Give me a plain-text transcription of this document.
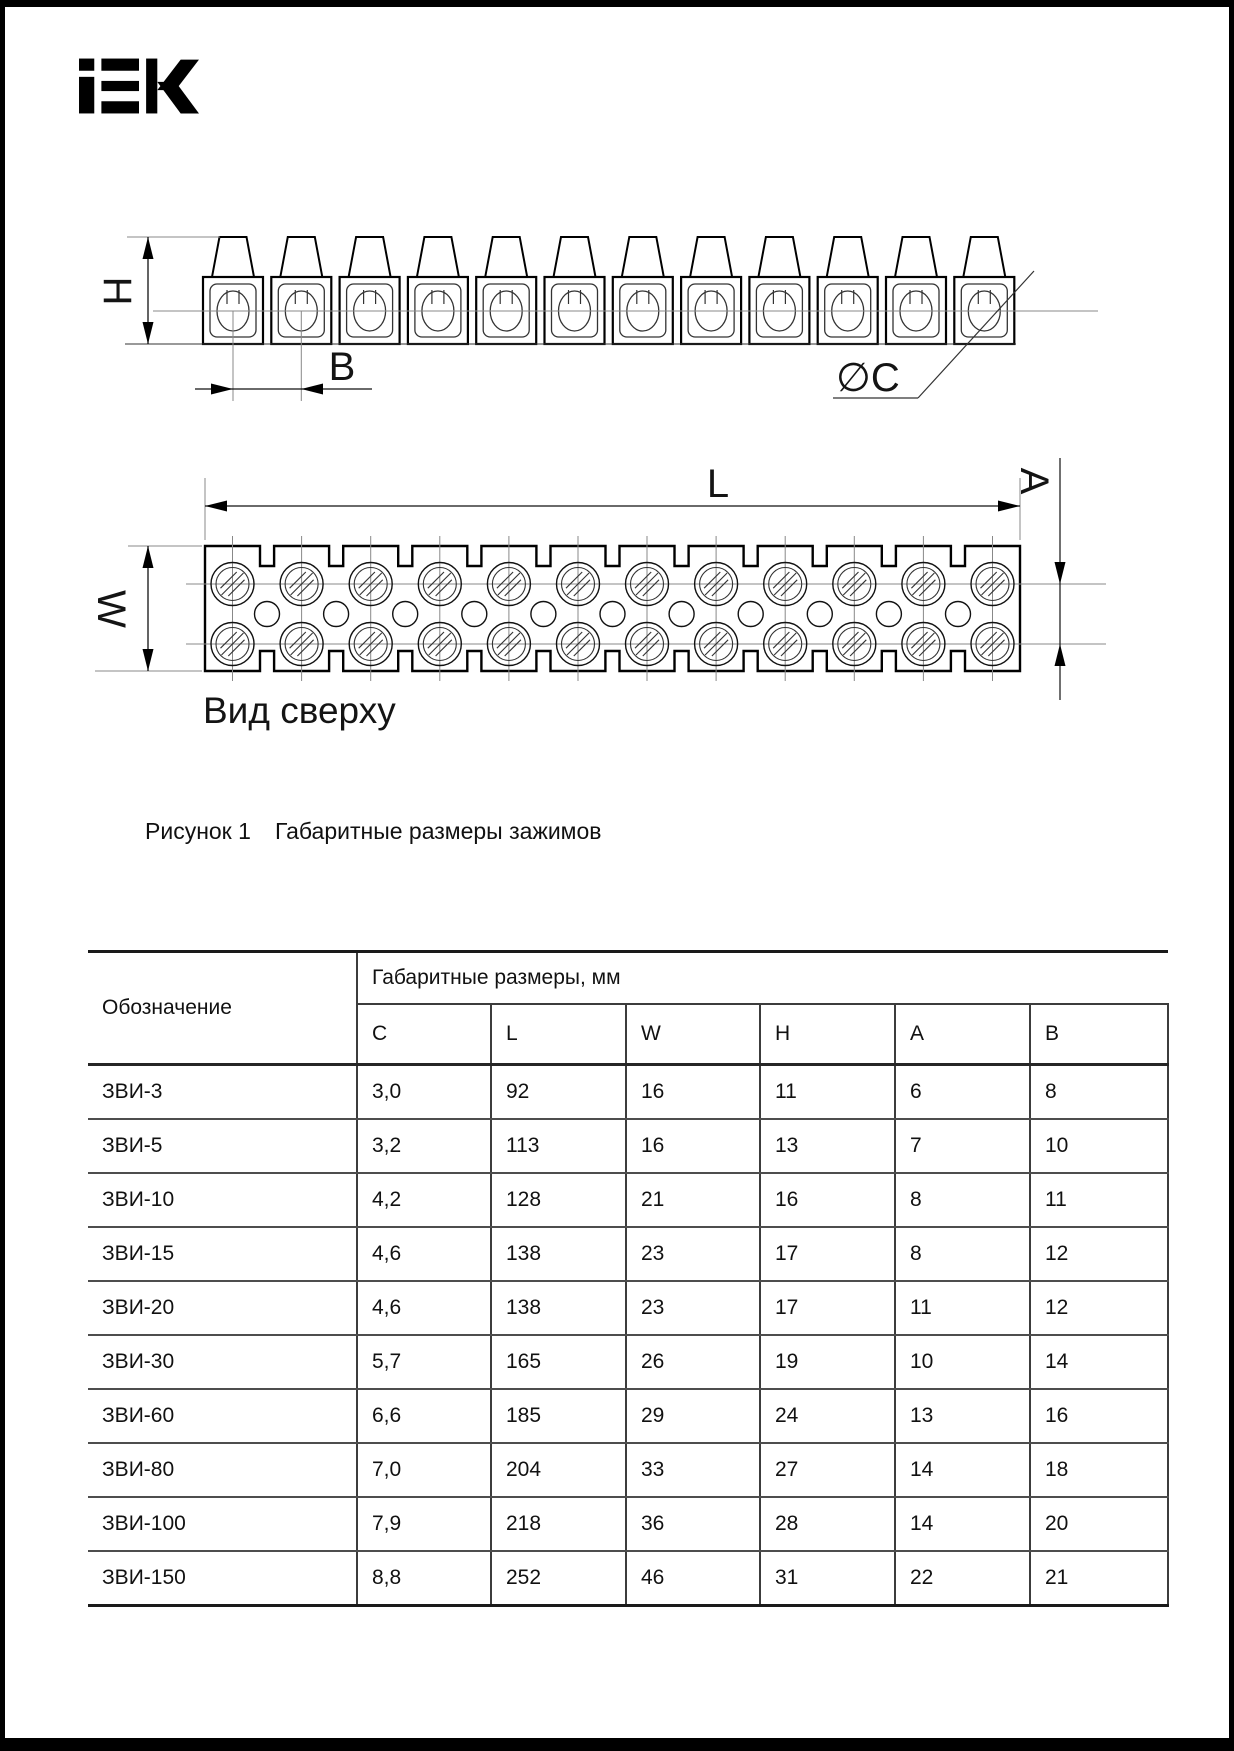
H
B	∅C
L
W
A
Вид сверху
Рисунок 1 Габаритные размеры зажимов
Обозначение	Габаритные размеры, мм					
	C	L	W	H	A	B
ЗВИ-3	3,0	92	16	11	6	8
ЗВИ-5	3,2	113	16	13	7	10
ЗВИ-10	4,2	128	21	16	8	11
ЗВИ-15	4,6	138	23	17	8	12
ЗВИ-20	4,6	138	23	17	11	12
ЗВИ-30	5,7	165	26	19	10	14
ЗВИ-60	6,6	185	29	24	13	16
ЗВИ-80	7,0	204	33	27	14	18
ЗВИ-100	7,9	218	36	28	14	20
ЗВИ-150	8,8	252	46	31	22	21
